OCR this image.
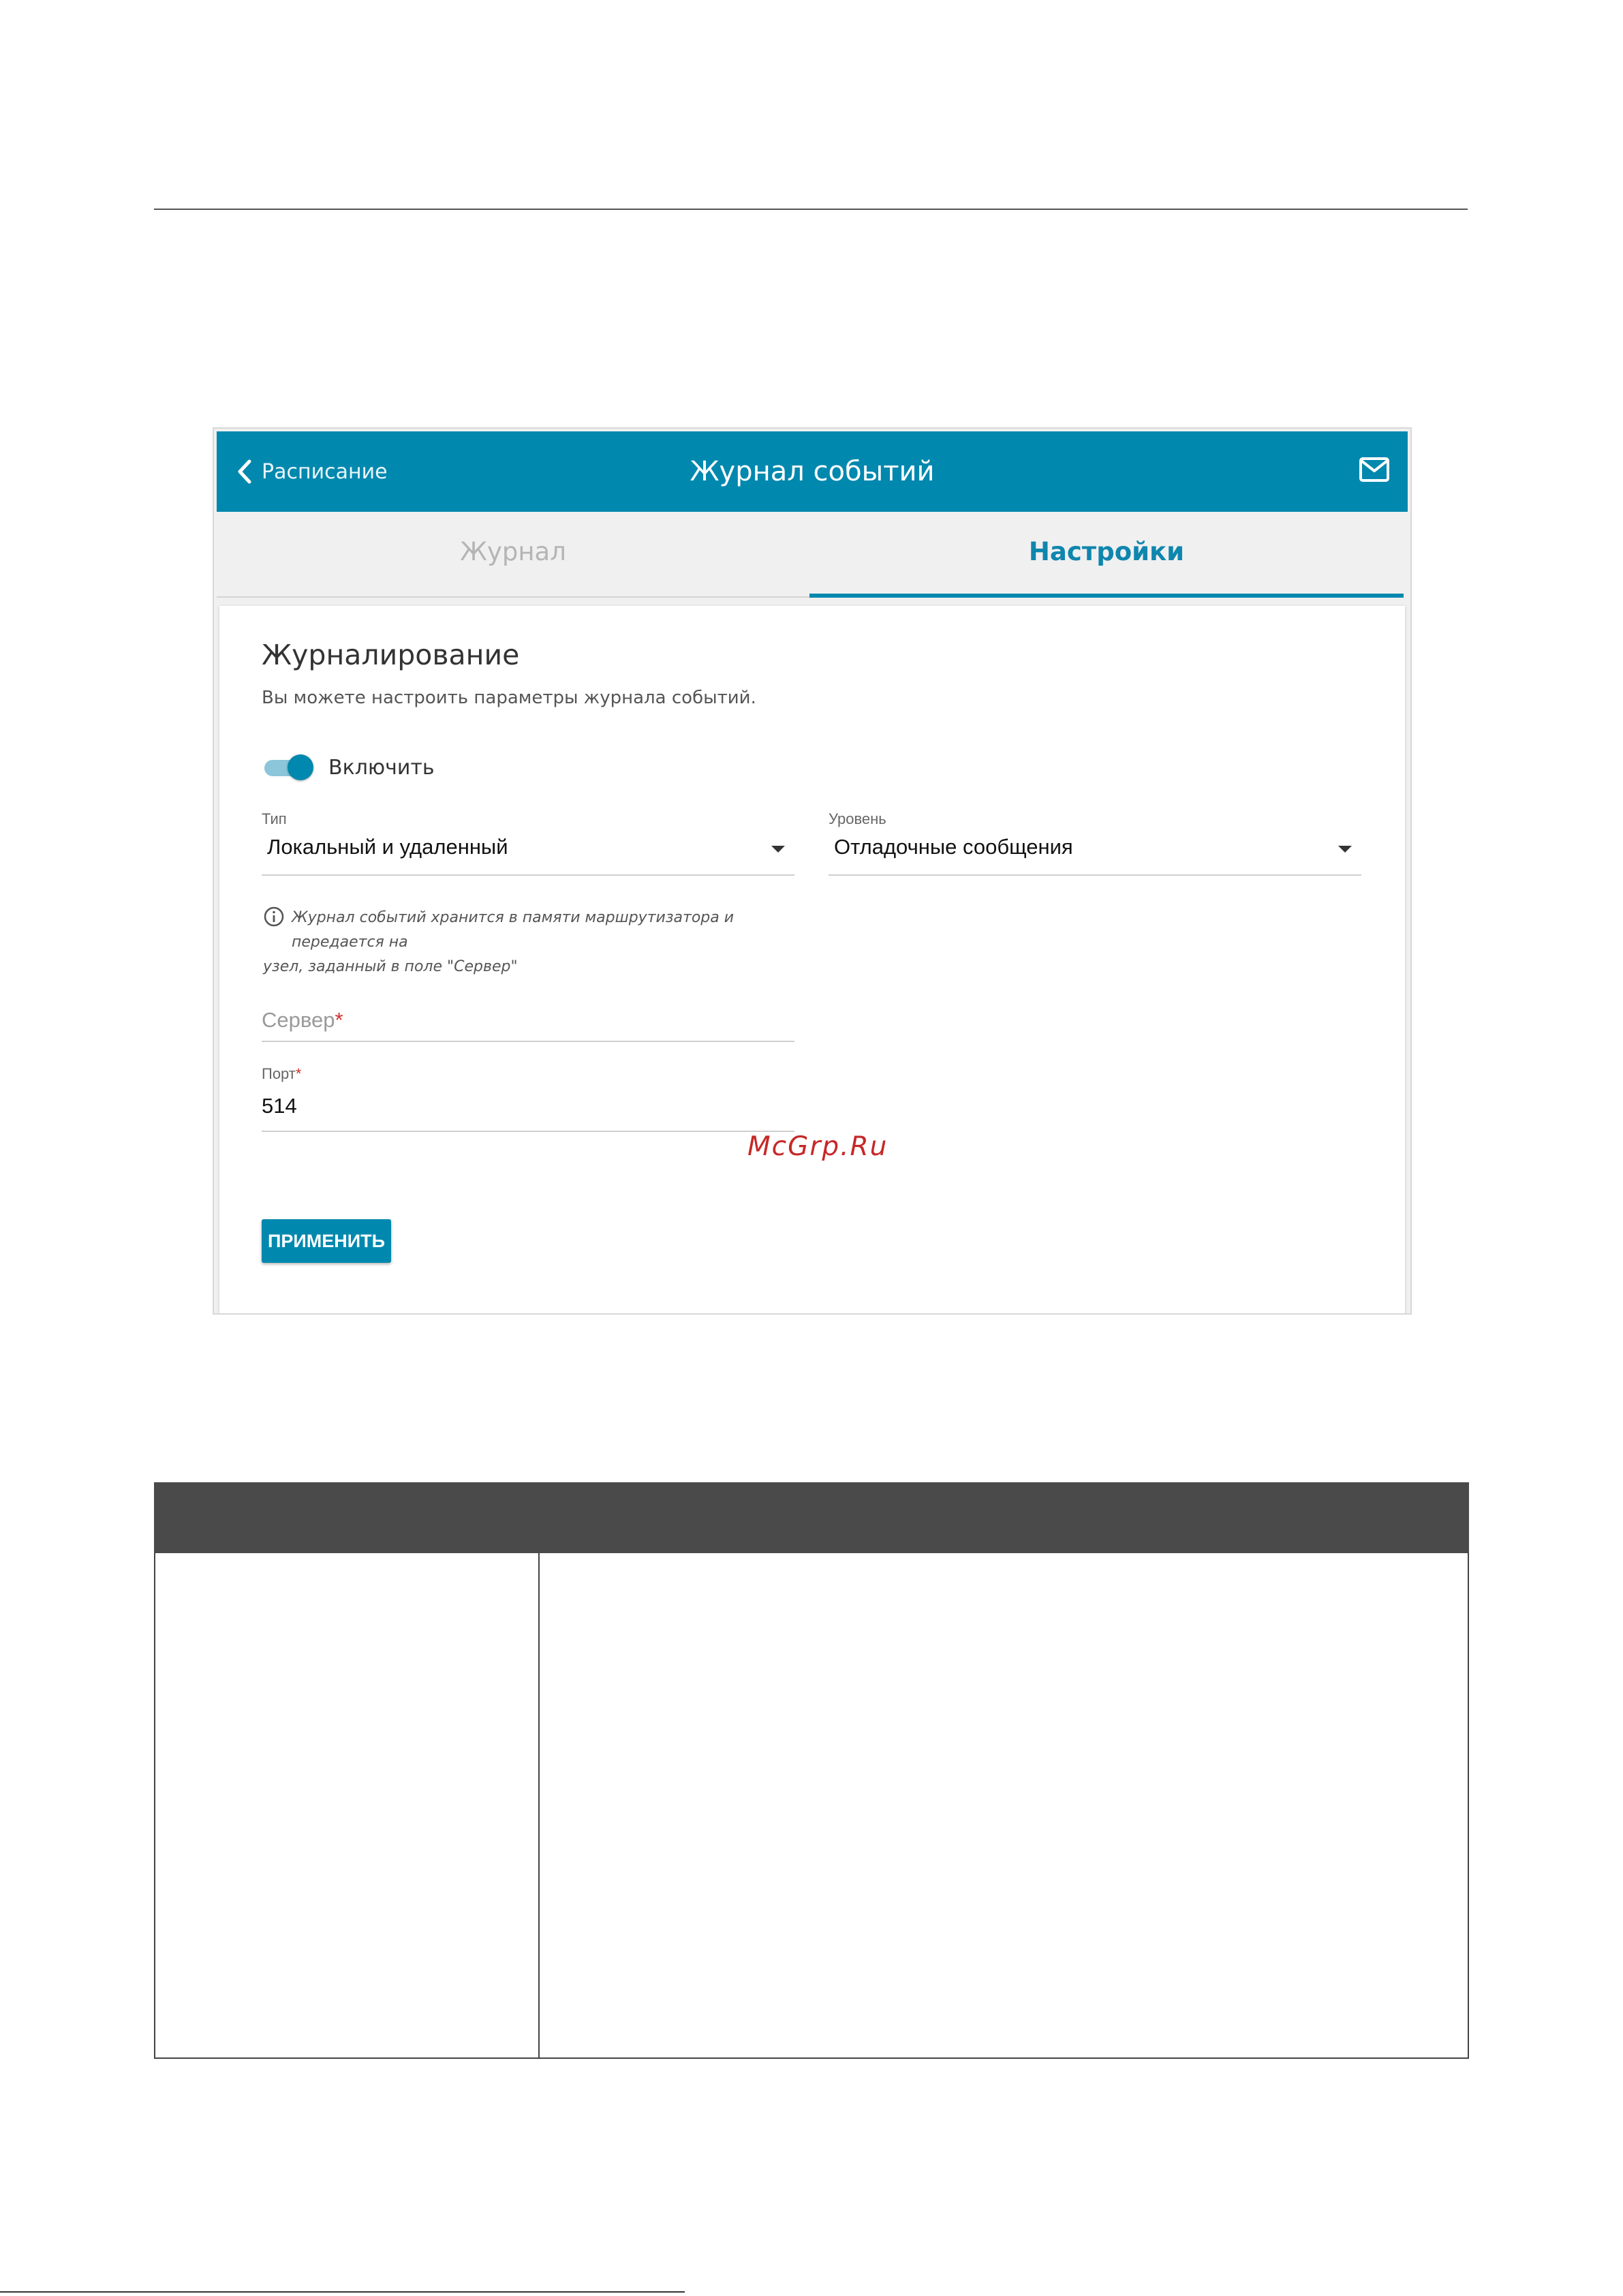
Расписание	Журнал событий
Журнал	Настройки
Журналирование
Вы можете настроить параметры журнала событий.
Включить
Тип
Локальный и удаленный
Уровень
Отладочные сообщения
Журнал событий хранится в памяти маршрутизатора и передается на
узел, заданный в поле "Сервер"
Сервер*
Порт*
514
ПРИМЕНИТЬ
McGrp.Ru
